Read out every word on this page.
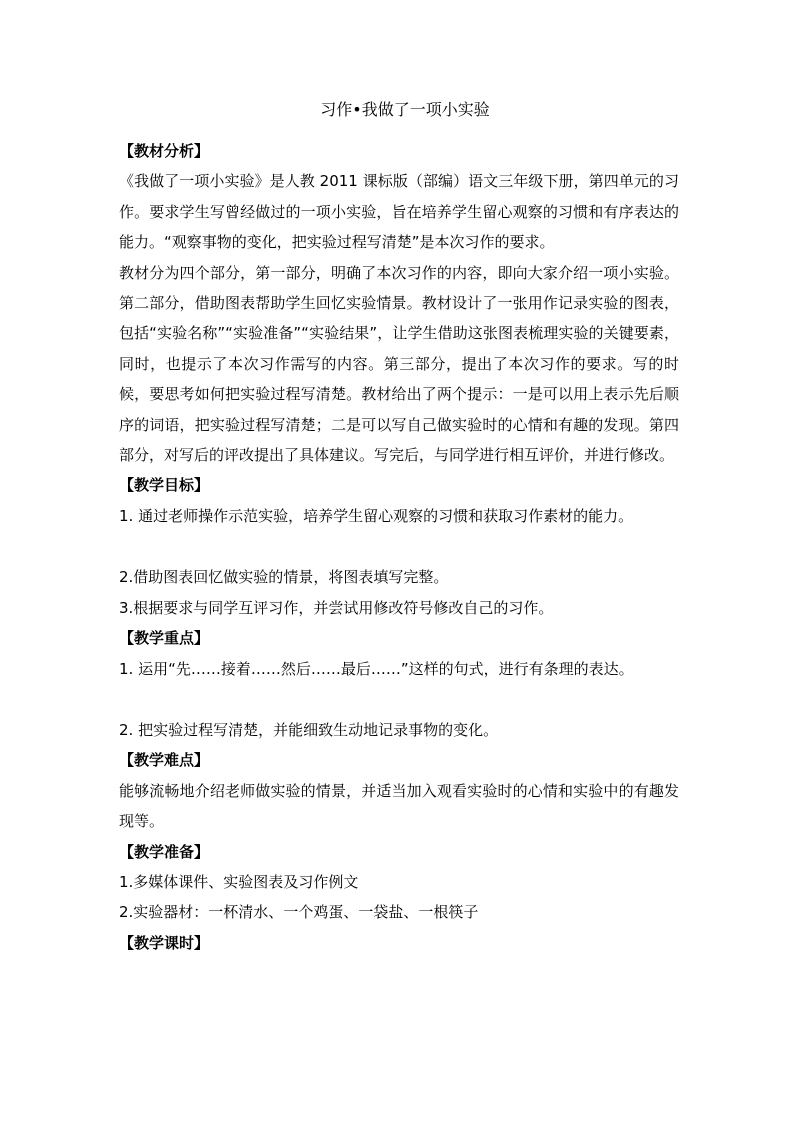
习作•我做了一项小实验

【教材分析】

《我做了一项小实验》是人教 2011 课标版（部编）语文三年级下册，第四单元的习作。要求学生写曾经做过的一项小实验，旨在培养学生留心观察的习惯和有序表达的能力。“观察事物的变化，把实验过程写清楚”是本次习作的要求。

教材分为四个部分，第一部分，明确了本次习作的内容，即向大家介绍一项小实验。第二部分，借助图表帮助学生回忆实验情景。教材设计了一张用作记录实验的图表，包括“实验名称”“实验准备”“实验结果”，让学生借助这张图表梳理实验的关键要素，同时，也提示了本次习作需写的内容。第三部分，提出了本次习作的要求。写的时候，要思考如何把实验过程写清楚。教材给出了两个提示：一是可以用上表示先后顺序的词语，把实验过程写清楚；二是可以写自己做实验时的心情和有趣的发现。第四部分，对写后的评改提出了具体建议。写完后，与同学进行相互评价，并进行修改。

【教学目标】

1. 通过老师操作示范实验，培养学生留心观察的习惯和获取习作素材的能力。

2.借助图表回忆做实验的情景，将图表填写完整。

3.根据要求与同学互评习作，并尝试用修改符号修改自己的习作。

【教学重点】

1. 运用“先……接着……然后……最后……”这样的句式，进行有条理的表达。

2. 把实验过程写清楚，并能细致生动地记录事物的变化。

【教学难点】

能够流畅地介绍老师做实验的情景，并适当加入观看实验时的心情和实验中的有趣发现等。

【教学准备】

1.多媒体课件、实验图表及习作例文

2.实验器材：一杯清水、一个鸡蛋、一袋盐、一根筷子

【教学课时】
